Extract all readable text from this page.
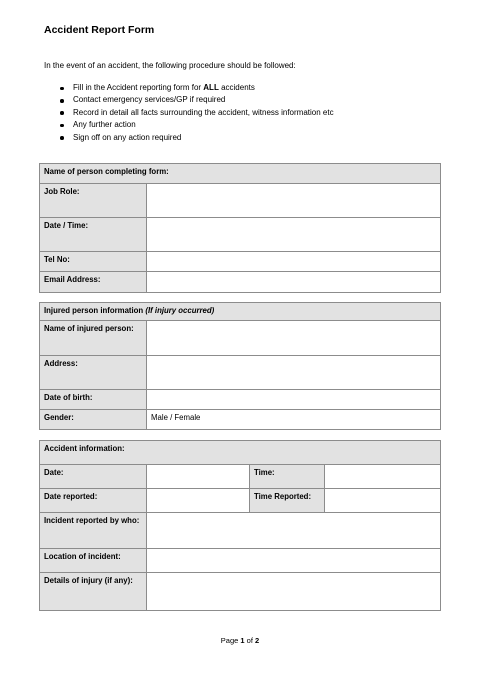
Accident Report Form
In the event of an accident, the following procedure should be followed:
Fill in the Accident reporting form for ALL accidents
Contact emergency services/GP if required
Record in detail all facts surrounding the accident, witness information etc
Any further action
Sign off on any action required
Name of person completing form:	
Job Role:	
Date / Time:	
Tel No:	
Email Address:	
Injured person information (If injury occurred)	
Name of injured person:	
Address:	
Date of birth:	
Gender:	Male / Female
Accident information:			
Date:		Time:	
Date reported:		Time Reported:	
Incident reported by who:			
Location of incident:			
Details of injury (if any):			
Page 1 of 2
